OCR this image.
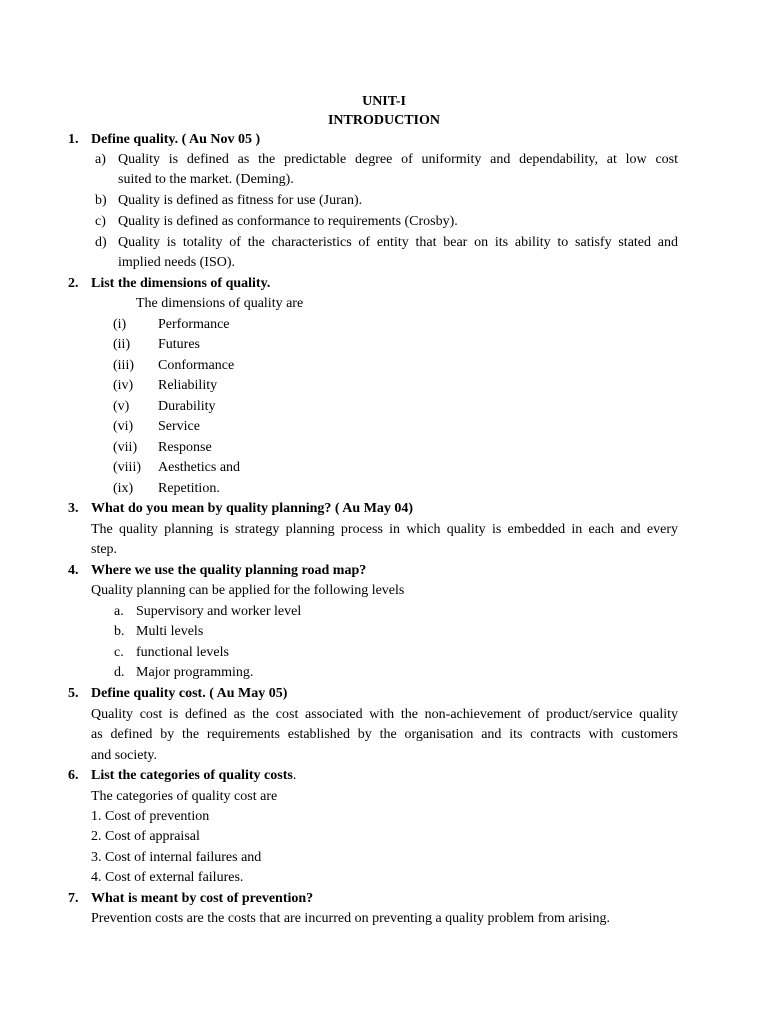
UNIT-I
INTRODUCTION
1. Define quality. ( Au Nov 05 )
a) Quality is defined as the predictable degree of uniformity and dependability, at low cost
suited to the market. (Deming).
b) Quality is defined as fitness for use (Juran).
c) Quality is defined as conformance to requirements (Crosby).
d) Quality is totality of the characteristics of entity that bear on its ability to satisfy stated and
implied needs (ISO).
2. List the dimensions of quality.
The dimensions of quality are
(i) Performance
(ii) Futures
(iii) Conformance
(iv) Reliability
(v) Durability
(vi) Service
(vii) Response
(viii) Aesthetics and
(ix) Repetition.
3. What do you mean by quality planning? ( Au May 04)
The quality planning is strategy planning process in which quality is embedded in each and every
step.
4. Where we use the quality planning road map?
Quality planning can be applied for the following levels
a. Supervisory and worker level
b. Multi levels
c. functional levels
d. Major programming.
5. Define quality cost. ( Au May 05)
Quality cost is defined as the cost associated with the non-achievement of product/service quality
as defined by the requirements established by the organisation and its contracts with customers
and society.
6. List the categories of quality costs.
The categories of quality cost are
1. Cost of prevention
2. Cost of appraisal
3. Cost of internal failures and
4. Cost of external failures.
7. What is meant by cost of prevention?
Prevention costs are the costs that are incurred on preventing a quality problem from arising.
